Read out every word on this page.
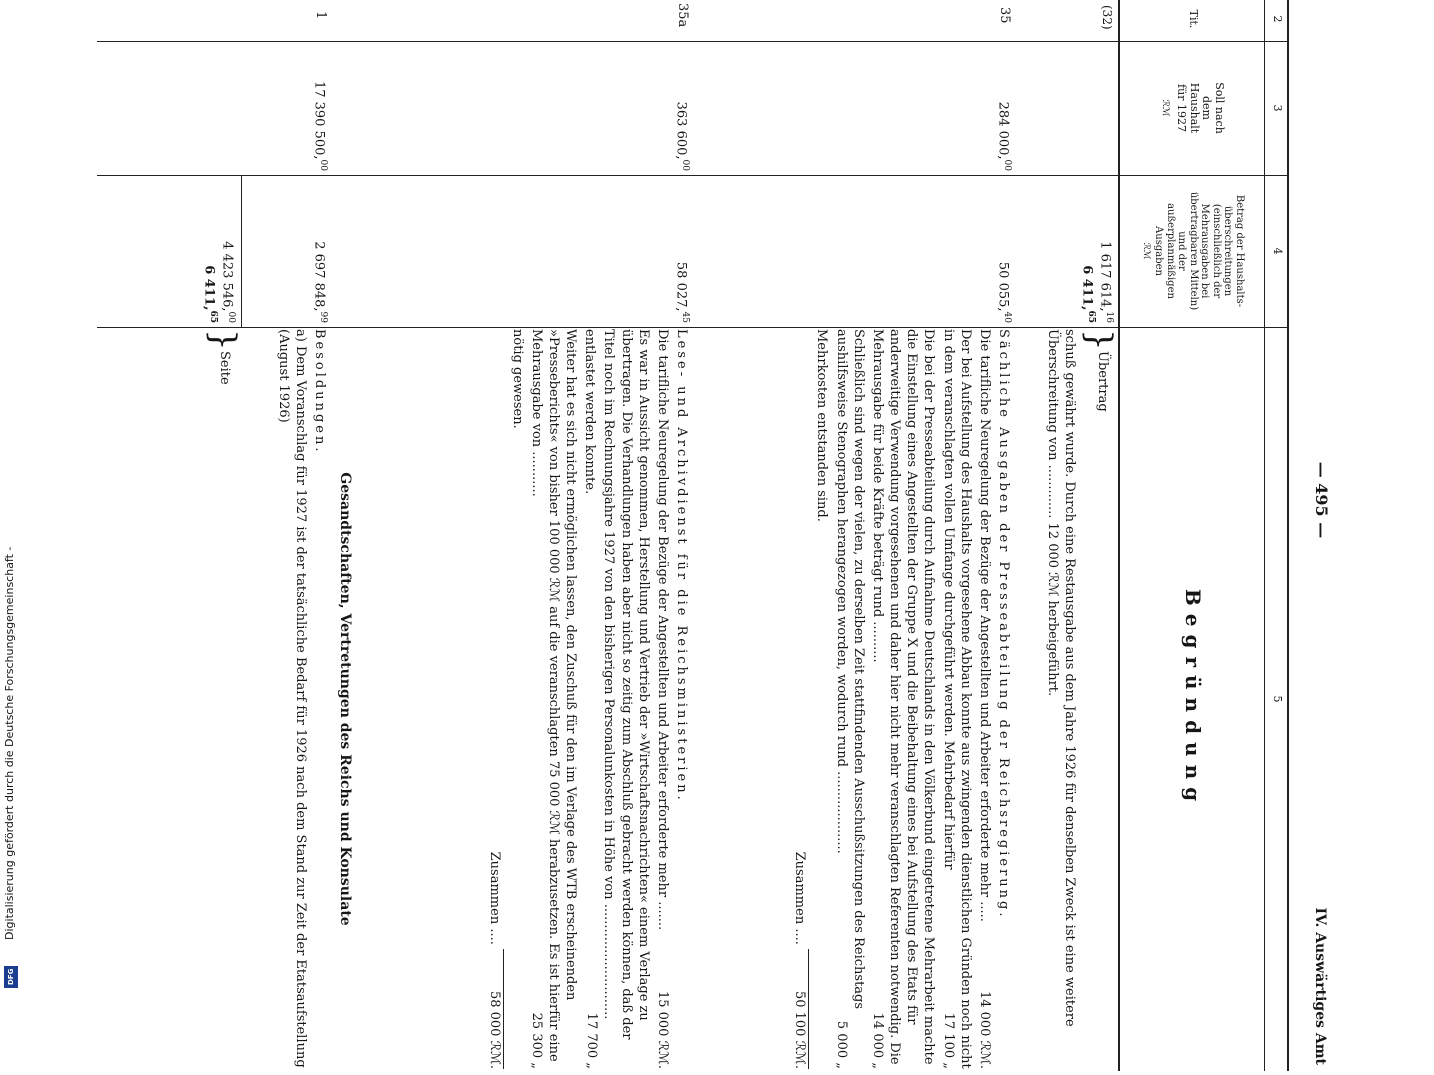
Digitalisierung gefördert durch die Deutsche Forschungsgemeinschaft -
DFG
— 495 —
IV. Auswärtiges Amt
2
3
4
5
Tit.
Soll nach dem Haushalt für 1927
ℛℳ
Betrag der Haushalts-überschreitungen (einschließlich der Mehrausgaben bei übertragbaren Mitteln) und der außerplanmäßigen Ausgaben
ℛℳ
Begründung
(32)
1 617 614,16
6 411,65
}
Übertrag
schuß gewährt wurde. Durch eine Restausgabe aus dem Jahre 1926 für denselben Zweck ist eine weitere Überschreitung von ............. 12 000 ℛℳ herbeigeführt.
35
284 000,00
50 055,40

Sächliche Ausgaben der Presseabteilung der Reichsregierung.

Die tarifliche Neuregelung der Bezüge der Angestellten und Arbeiter erforderte mehr .....
14 000 ℛℳ.

Der bei Aufstellung des Haushalts vorgesehene Abbau konnte aus zwingenden dienstlichen Gründen noch nicht in dem veranschlagten vollen Umfange durchgeführt werden. Mehrbedarf hierfür
17 100 „

Die bei der Presseabteilung durch Aufnahme Deutschlands in den Völkerbund eingetretene Mehrarbeit machte die Einstellung eines Angestellten der Gruppe X und die Beibehaltung eines bei Aufstellung des Etats für anderweitige Verwendung vorgesehenen und daher hier nicht mehr veranschlagten Referenten notwendig. Die Mehrausgabe für beide Kräfte beträgt rund ..........
14 000 „

Schließlich sind wegen der vielen, zu derselben Zeit stattfindenden Ausschußsitzungen des Reichstags aushilfsweise Stenographen herangezogen worden, wodurch rund ....................
5 000 „

Mehrkosten entstanden sind.

Zusammen .... 50 100 ℛℳ.

35a
363 600,00
58 027,45

Lese- und Archivdienst für die Reichsministerien.

Die tarifliche Neuregelung der Bezüge der Angestellten und Arbeiter erforderte mehr .......
15 000 ℛℳ.

Es war in Aussicht genommen, Herstellung und Vertrieb der »Wirtschaftsnachrichten« einem Verlage zu übertragen. Die Verhandlungen haben aber nicht so zeitig zum Abschluß gebracht werden können, daß der Titel noch im Rechnungsjahre 1927 von den bisherigen Personalunkosten in Höhe von ............................
17 700 „

entlastet werden konnte.

Weiter hat es sich nicht ermöglichen lassen, den Zuschuß für den im Verlage des WTB erscheinenden »Presseberichts« von bisher 100 000 ℛℳ auf die veranschlagten 75 000 ℛℳ herabzusetzen. Es ist hierfür eine Mehrausgabe von ...........
25 300 „

nötig gewesen.

Zusammen .... 58 000 ℛℳ.

Gesandtschaften, Vertretungen des Reichs und Konsulate
1
17 390 500,00
2 697 848,99

Besoldungen.

a) Dem Voranschlag für 1927 ist der tatsächliche Bedarf für 1926 nach dem Stand zur Zeit der Etatsaufstellung (August 1926)

4 423 546,00
6 411,65
}
Seite
